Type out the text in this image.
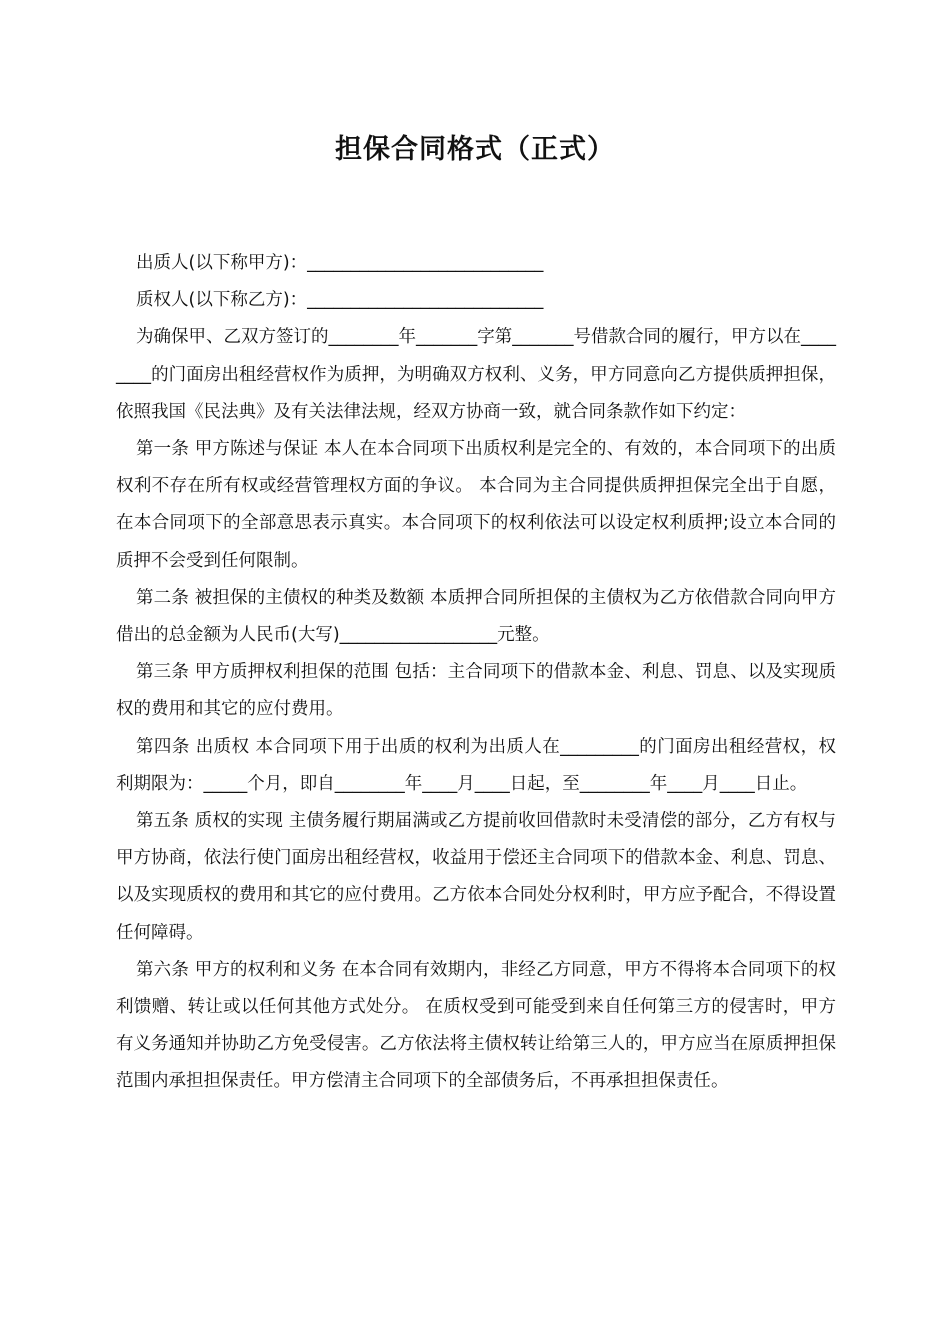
担保合同格式（正式）

出质人(以下称甲方)：___________________________

质权人(以下称乙方)：___________________________

为确保甲、乙双方签订的________年_______字第_______号借款合同的履行，甲方以在________的门面房出租经营权作为质押，为明确双方权利、义务，甲方同意向乙方提供质押担保，依照我国《民法典》及有关法律法规，经双方协商一致，就合同条款作如下约定：

第一条 甲方陈述与保证 本人在本合同项下出质权利是完全的、有效的，本合同项下的出质权利不存在所有权或经营管理权方面的争议。 本合同为主合同提供质押担保完全出于自愿，在本合同项下的全部意思表示真实。本合同项下的权利依法可以设定权利质押;设立本合同的质押不会受到任何限制。

第二条 被担保的主债权的种类及数额 本质押合同所担保的主债权为乙方依借款合同向甲方借出的总金额为人民币(大写)__________________元整。

第三条 甲方质押权利担保的范围 包括：主合同项下的借款本金、利息、罚息、以及实现质权的费用和其它的应付费用。

第四条 出质权 本合同项下用于出质的权利为出质人在_________的门面房出租经营权，权利期限为：_____个月，即自________年____月____日起，至________年____月____日止。

第五条 质权的实现 主债务履行期届满或乙方提前收回借款时未受清偿的部分，乙方有权与甲方协商，依法行使门面房出租经营权，收益用于偿还主合同项下的借款本金、利息、罚息、以及实现质权的费用和其它的应付费用。乙方依本合同处分权利时，甲方应予配合，不得设置任何障碍。

第六条 甲方的权利和义务 在本合同有效期内，非经乙方同意，甲方不得将本合同项下的权利馈赠、转让或以任何其他方式处分。 在质权受到可能受到来自任何第三方的侵害时，甲方有义务通知并协助乙方免受侵害。乙方依法将主债权转让给第三人的，甲方应当在原质押担保范围内承担担保责任。甲方偿清主合同项下的全部债务后，不再承担担保责任。
